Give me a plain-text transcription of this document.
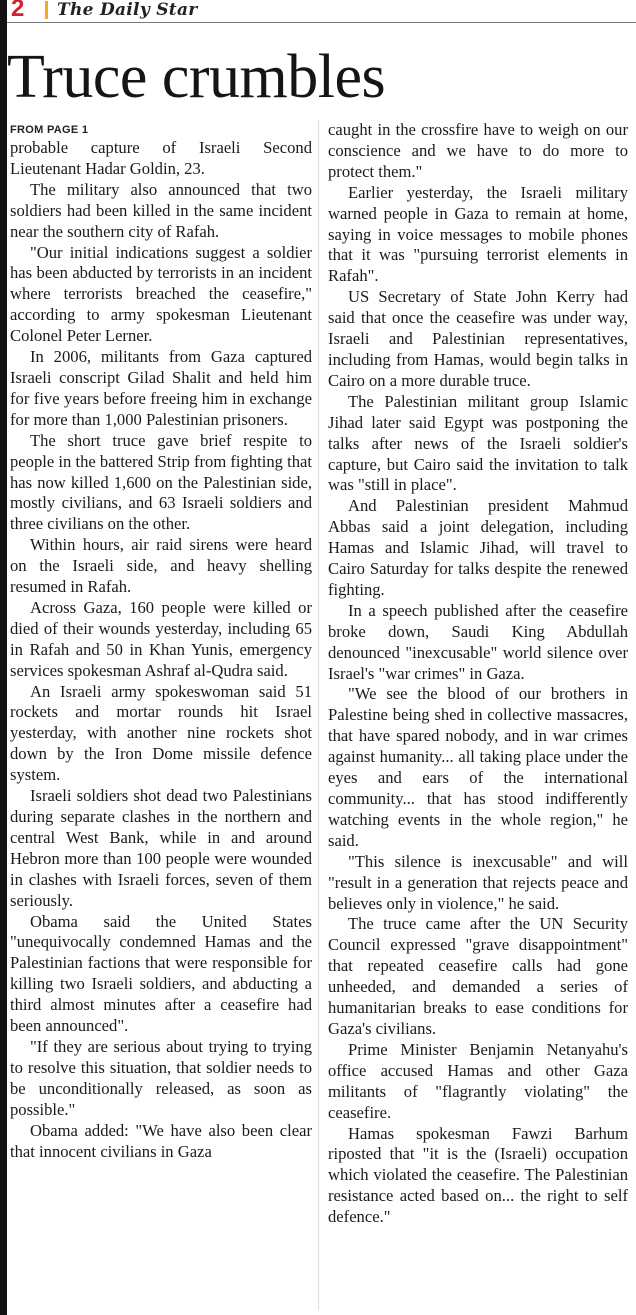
2 The Daily Star
Truce crumbles
FROM PAGE 1

probable capture of Israeli Second Lieutenant Hadar Goldin, 23.

The military also announced that two soldiers had been killed in the same incident near the southern city of Rafah.

"Our initial indications suggest a soldier has been abducted by terrorists in an incident where terrorists breached the ceasefire," according to army spokesman Lieutenant Colonel Peter Lerner.

In 2006, militants from Gaza captured Israeli conscript Gilad Shalit and held him for five years before freeing him in exchange for more than 1,000 Palestinian prisoners.

The short truce gave brief respite to people in the battered Strip from fighting that has now killed 1,600 on the Palestinian side, mostly civilians, and 63 Israeli soldiers and three civilians on the other.

Within hours, air raid sirens were heard on the Israeli side, and heavy shelling resumed in Rafah.

Across Gaza, 160 people were killed or died of their wounds yesterday, including 65 in Rafah and 50 in Khan Yunis, emergency services spokesman Ashraf al-Qudra said.

An Israeli army spokeswoman said 51 rockets and mortar rounds hit Israel yesterday, with another nine rockets shot down by the Iron Dome missile defence system.

Israeli soldiers shot dead two Palestinians during separate clashes in the northern and central West Bank, while in and around Hebron more than 100 people were wounded in clashes with Israeli forces, seven of them seriously.

Obama said the United States "unequivocally condemned Hamas and the Palestinian factions that were responsible for killing two Israeli soldiers, and abducting a third almost minutes after a ceasefire had been announced".

"If they are serious about trying to trying to resolve this situation, that soldier needs to be unconditionally released, as soon as possible."

Obama added: "We have also been clear that innocent civilians in Gaza

caught in the crossfire have to weigh on our conscience and we have to do more to protect them."

Earlier yesterday, the Israeli military warned people in Gaza to remain at home, saying in voice messages to mobile phones that it was "pursuing terrorist elements in Rafah".

US Secretary of State John Kerry had said that once the ceasefire was under way, Israeli and Palestinian representatives, including from Hamas, would begin talks in Cairo on a more durable truce.

The Palestinian militant group Islamic Jihad later said Egypt was postponing the talks after news of the Israeli soldier's capture, but Cairo said the invitation to talk was "still in place".

And Palestinian president Mahmud Abbas said a joint delegation, including Hamas and Islamic Jihad, will travel to Cairo Saturday for talks despite the renewed fighting.

In a speech published after the ceasefire broke down, Saudi King Abdullah denounced "inexcusable" world silence over Israel's "war crimes" in Gaza.

"We see the blood of our brothers in Palestine being shed in collective massacres, that have spared nobody, and in war crimes against humanity... all taking place under the eyes and ears of the international community... that has stood indifferently watching events in the whole region," he said.

"This silence is inexcusable" and will "result in a generation that rejects peace and believes only in violence," he said.

The truce came after the UN Security Council expressed "grave disappointment" that repeated ceasefire calls had gone unheeded, and demanded a series of humanitarian breaks to ease conditions for Gaza's civilians.

Prime Minister Benjamin Netanyahu's office accused Hamas and other Gaza militants of "flagrantly violating" the ceasefire.

Hamas spokesman Fawzi Barhum riposted that "it is the (Israeli) occupation which violated the ceasefire. The Palestinian resistance acted based on... the right to self defence."
